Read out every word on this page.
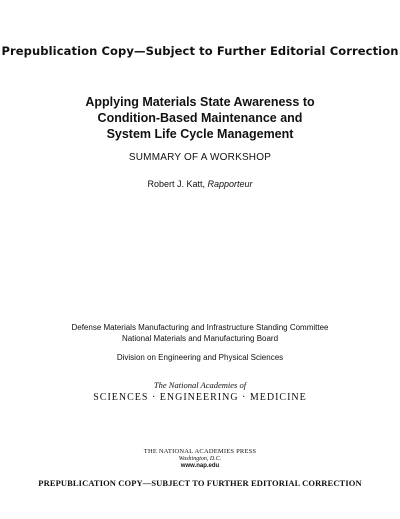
Prepublication Copy—Subject to Further Editorial Correction
Applying Materials State Awareness to
Condition-Based Maintenance and
System Life Cycle Management
SUMMARY OF A WORKSHOP
Robert J. Katt, Rapporteur
Defense Materials Manufacturing and Infrastructure Standing Committee
National Materials and Manufacturing Board
Division on Engineering and Physical Sciences
The National Academies of
SCIENCES · ENGINEERING · MEDICINE
THE NATIONAL ACADEMIES PRESS
Washington, D.C.
www.nap.edu
PREPUBLICATION COPY—SUBJECT TO FURTHER EDITORIAL CORRECTION
